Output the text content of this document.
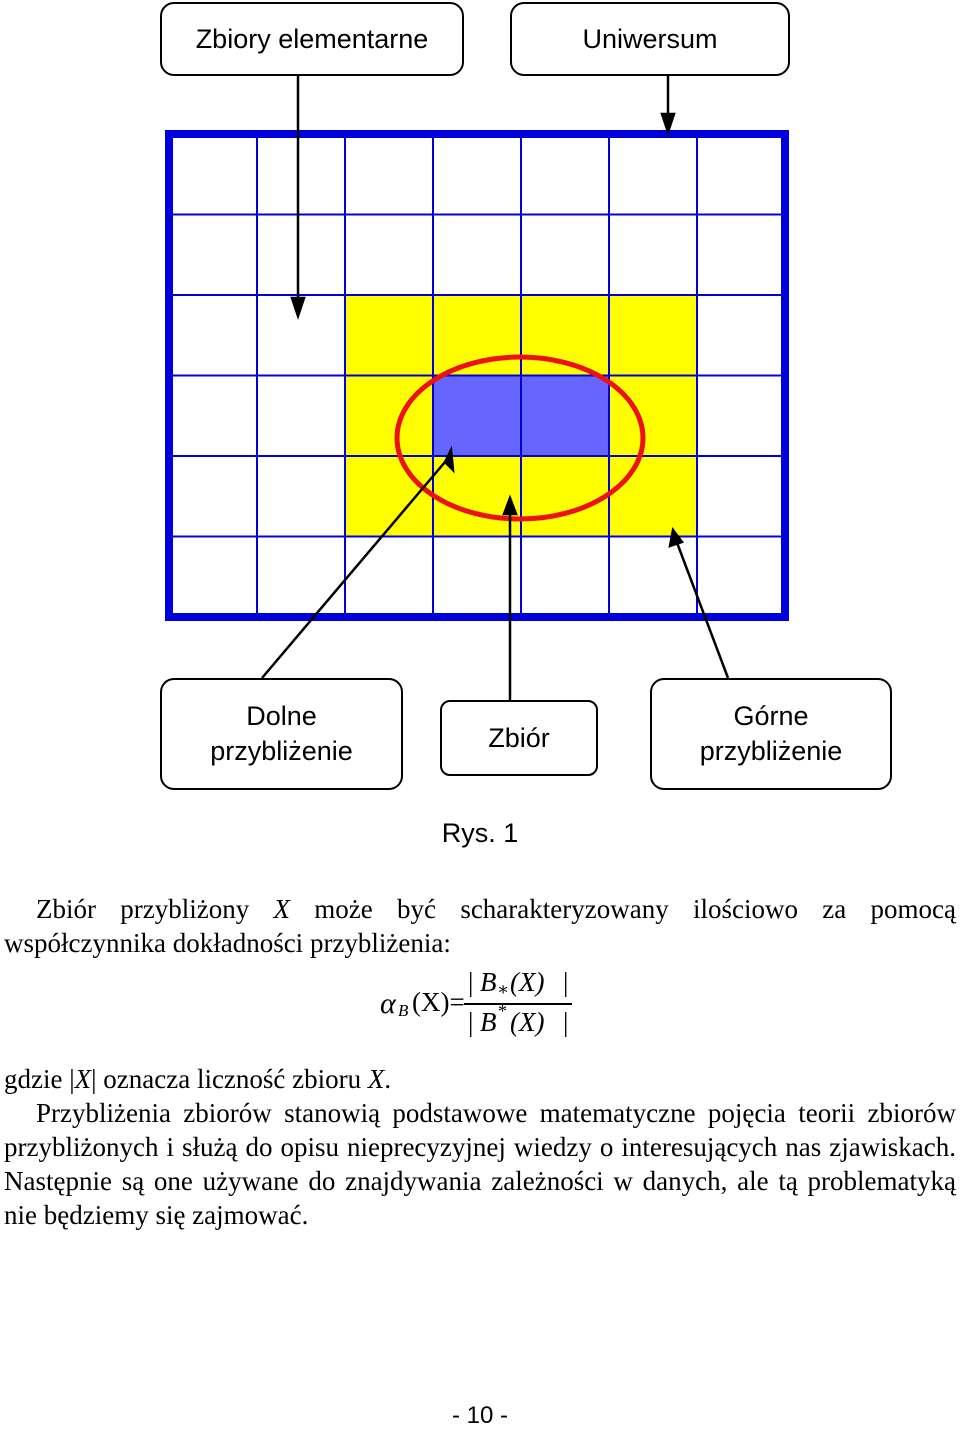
Zbiory elementarne	Uniwersum
Dolne
przybliżenie	Zbiór
Górne
przybliżenie
Rys. 1

Zbiór przybliżony X może być scharakteryzowany ilościowo za pomocą współczynnika dokładności przybliżenia:

α B (X)=
| B ∗ (X) |
| B * (X) |

gdzie |X| oznacza liczność zbioru X.

Przybliżenia zbiorów stanowią podstawowe matematyczne pojęcia teorii zbiorów przybliżonych i służą do opisu nieprecyzyjnej wiedzy o interesujących nas zjawiskach. Następnie są one używane do znajdywania zależności w danych, ale tą problematyką nie będziemy się zajmować.

- 10 -
